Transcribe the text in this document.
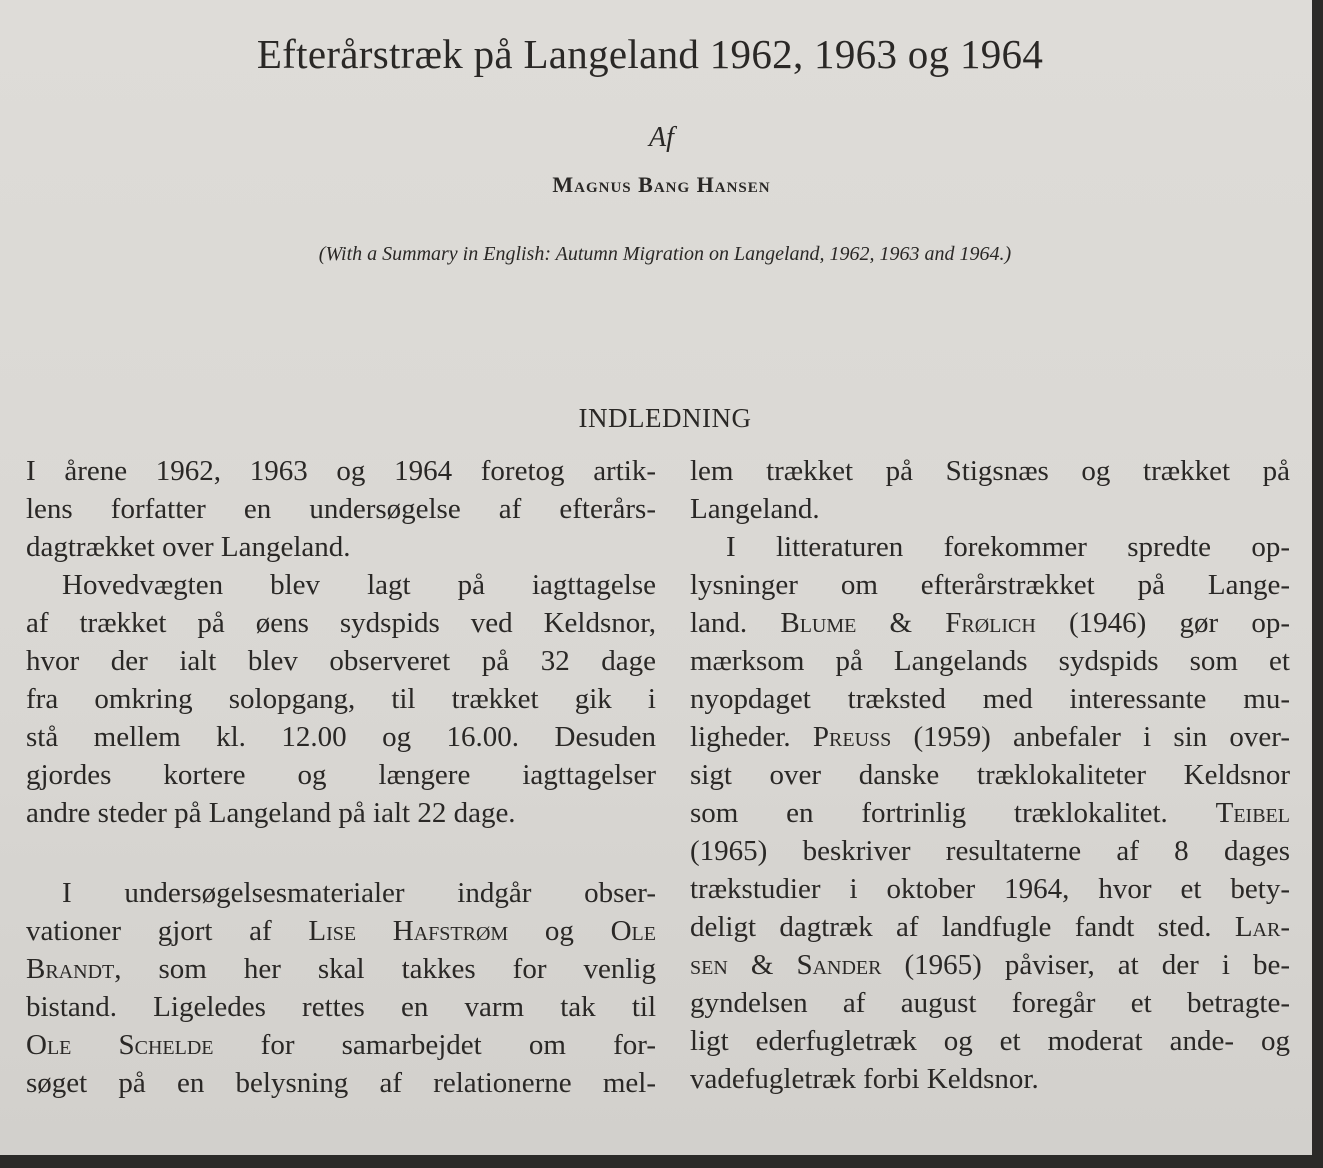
Efterårstræk på Langeland 1962, 1963 og 1964
Af
Magnus Bang Hansen
(With a Summary in English: Autumn Migration on Langeland, 1962, 1963 and 1964.)
INDLEDNING
I årene 1962, 1963 og 1964 foretog artik-
lens forfatter en undersøgelse af efterårs-
dagtrækket over Langeland.
Hovedvægten blev lagt på iagttagelse
af trækket på øens sydspids ved Keldsnor,
hvor der ialt blev observeret på 32 dage
fra omkring solopgang, til trækket gik i
stå mellem kl. 12.00 og 16.00. Desuden
gjordes kortere og længere iagttagelser
andre steder på Langeland på ialt 22 dage.
I undersøgelsesmaterialer indgår obser-
vationer gjort af Lise Hafstrøm og Ole
Brandt, som her skal takkes for venlig
bistand. Ligeledes rettes en varm tak til
Ole Schelde for samarbejdet om for-
søget på en belysning af relationerne mel-
lem trækket på Stigsnæs og trækket på
Langeland.
I litteraturen forekommer spredte op-
lysninger om efterårstrækket på Lange-
land. Blume & Frølich (1946) gør op-
mærksom på Langelands sydspids som et
nyopdaget træksted med interessante mu-
ligheder. Preuss (1959) anbefaler i sin over-
sigt over danske træklokaliteter Keldsnor
som en fortrinlig træklokalitet. Teibel
(1965) beskriver resultaterne af 8 dages
trækstudier i oktober 1964, hvor et bety-
deligt dagtræk af landfugle fandt sted. Lar-
sen & Sander (1965) påviser, at der i be-
gyndelsen af august foregår et betragte-
ligt ederfugletræk og et moderat ande- og
vadefugletræk forbi Keldsnor.
